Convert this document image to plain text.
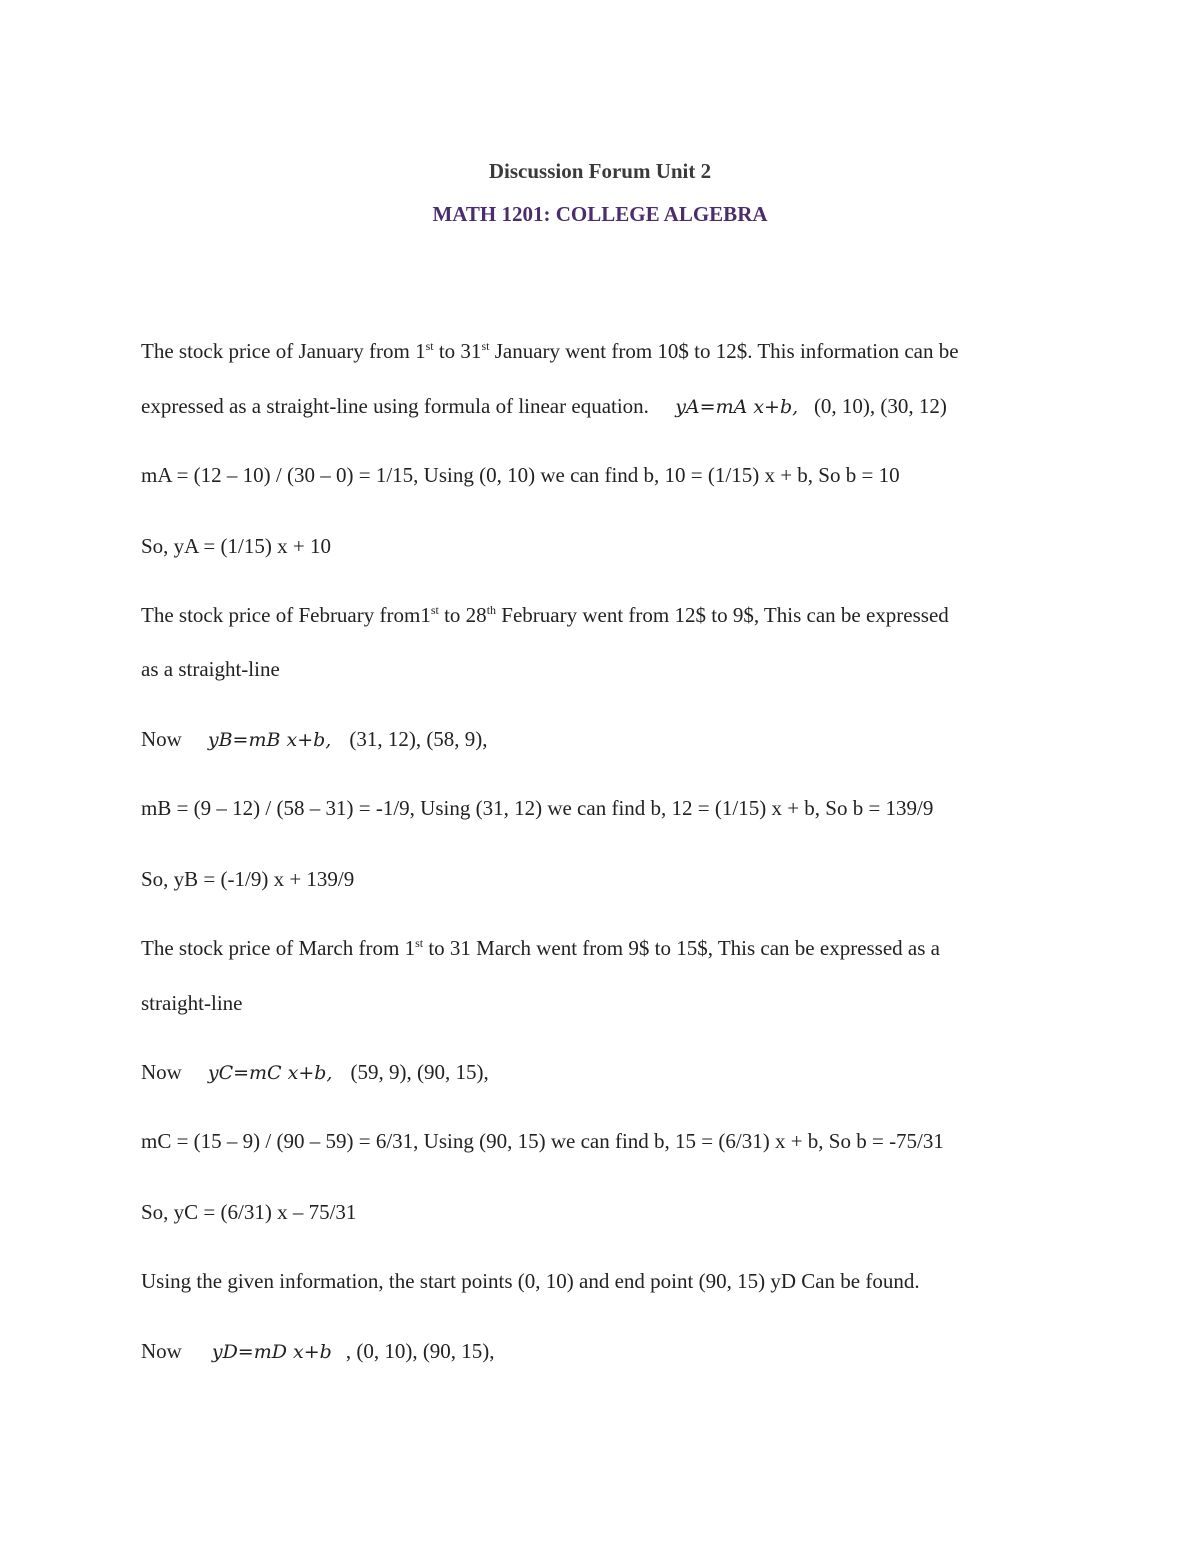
Discussion Forum Unit 2
MATH 1201: COLLEGE ALGEBRA
The stock price of January from 1st to 31st January went from 10$ to 12$. This information can be
expressed as a straight-line using formula of linear equation.     yA=mA x+b,   (0, 10), (30, 12)
mA = (12 – 10) / (30 – 0) = 1/15, Using (0, 10) we can find b, 10 = (1/15) x + b, So b = 10
So, yA = (1/15) x + 10
The stock price of February from1st to 28th February went from 12$ to 9$, This can be expressed
as a straight-line
Now yB=mB x+b, (31, 12), (58, 9),
mB = (9 – 12) / (58 – 31) = -1/9, Using (31, 12) we can find b, 12 = (1/15) x + b, So b = 139/9
So, yB = (-1/9) x + 139/9
The stock price of March from 1st to 31 March went from 9$ to 15$, This can be expressed as a
straight-line
Now yC=mC x+b, (59, 9), (90, 15),
mC = (15 – 9) / (90 – 59) = 6/31, Using (90, 15) we can find b, 15 = (6/31) x + b, So b = -75/31
So, yC = (6/31) x – 75/31
Using the given information, the start points (0, 10) and end point (90, 15) yD Can be found.
Now yD=mD x+b , (0, 10), (90, 15),
